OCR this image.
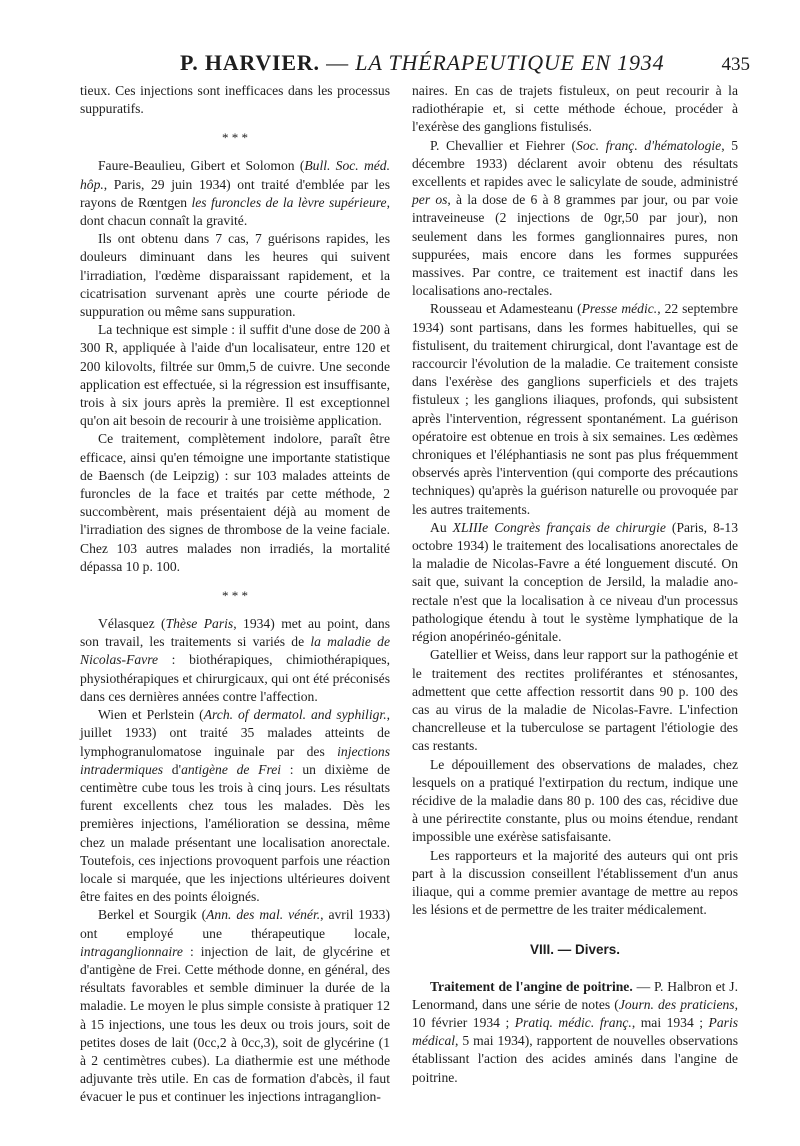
P. HARVIER. — LA THÉRAPEUTIQUE EN 1934	435

tieux. Ces injections sont inefficaces dans les processus suppuratifs.

* * *

Faure-Beaulieu, Gibert et Solomon (Bull. Soc. méd. hôp., Paris, 29 juin 1934) ont traité d'emblée par les rayons de Rœntgen les furoncles de la lèvre supérieure, dont chacun connaît la gravité.

Ils ont obtenu dans 7 cas, 7 guérisons rapides, les douleurs diminuant dans les heures qui suivent l'irradiation, l'œdème disparaissant rapidement, et la cicatrisation survenant après une courte période de suppuration ou même sans suppuration.

La technique est simple : il suffit d'une dose de 200 à 300 R, appliquée à l'aide d'un localisateur, entre 120 et 200 kilovolts, filtrée sur 0mm,5 de cuivre. Une seconde application est effectuée, si la régression est insuffisante, trois à six jours après la première. Il est exceptionnel qu'on ait besoin de recourir à une troisième application.

Ce traitement, complètement indolore, paraît être efficace, ainsi qu'en témoigne une importante statistique de Baensch (de Leipzig) : sur 103 malades atteints de furoncles de la face et traités par cette méthode, 2 succombèrent, mais présentaient déjà au moment de l'irradiation des signes de thrombose de la veine faciale. Chez 103 autres malades non irradiés, la mortalité dépassa 10 p. 100.

* * *

Vélasquez (Thèse Paris, 1934) met au point, dans son travail, les traitements si variés de la maladie de Nicolas-Favre : biothérapiques, chimiothérapiques, physiothérapiques et chirurgicaux, qui ont été préconisés dans ces dernières années contre l'affection.

Wien et Perlstein (Arch. of dermatol. and syphiligr., juillet 1933) ont traité 35 malades atteints de lymphogranulomatose inguinale par des injections intradermiques d'antigène de Frei : un dixième de centimètre cube tous les trois à cinq jours. Les résultats furent excellents chez tous les malades. Dès les premières injections, l'amélioration se dessina, même chez un malade présentant une localisation anorectale. Toutefois, ces injections provoquent parfois une réaction locale si marquée, que les injections ultérieures doivent être faites en des points éloignés.

Berkel et Sourgik (Ann. des mal. vénér., avril 1933) ont employé une thérapeutique locale, intraganglionnaire : injection de lait, de glycérine et d'antigène de Frei. Cette méthode donne, en général, des résultats favorables et semble diminuer la durée de la maladie. Le moyen le plus simple consiste à pratiquer 12 à 15 injections, une tous les deux ou trois jours, soit de petites doses de lait (0cc,2 à 0cc,3), soit de glycérine (1 à 2 centimètres cubes). La diathermie est une méthode adjuvante très utile. En cas de formation d'abcès, il faut évacuer le pus et continuer les injections intraganglion-

naires. En cas de trajets fistuleux, on peut recourir à la radiothérapie et, si cette méthode échoue, procéder à l'exérèse des ganglions fistulisés.

P. Chevallier et Fiehrer (Soc. franç. d'hématologie, 5 décembre 1933) déclarent avoir obtenu des résultats excellents et rapides avec le salicylate de soude, administré per os, à la dose de 6 à 8 grammes par jour, ou par voie intraveineuse (2 injections de 0gr,50 par jour), non seulement dans les formes ganglionnaires pures, non suppurées, mais encore dans les formes suppurées massives. Par contre, ce traitement est inactif dans les localisations ano-rectales.

Rousseau et Adamesteanu (Presse médic., 22 septembre 1934) sont partisans, dans les formes habituelles, qui se fistulisent, du traitement chirurgical, dont l'avantage est de raccourcir l'évolution de la maladie. Ce traitement consiste dans l'exérèse des ganglions superficiels et des trajets fistuleux ; les ganglions iliaques, profonds, qui subsistent après l'intervention, régressent spontanément. La guérison opératoire est obtenue en trois à six semaines. Les œdèmes chroniques et l'éléphantiasis ne sont pas plus fréquemment observés après l'intervention (qui comporte des précautions techniques) qu'après la guérison naturelle ou provoquée par les autres traitements.

Au XLIIIe Congrès français de chirurgie (Paris, 8-13 octobre 1934) le traitement des localisations anorectales de la maladie de Nicolas-Favre a été longuement discuté. On sait que, suivant la conception de Jersild, la maladie ano-rectale n'est que la localisation à ce niveau d'un processus pathologique étendu à tout le système lymphatique de la région anopérinéo-génitale.

Gatellier et Weiss, dans leur rapport sur la pathogénie et le traitement des rectites proliférantes et sténosantes, admettent que cette affection ressortit dans 90 p. 100 des cas au virus de la maladie de Nicolas-Favre. L'infection chancrelleuse et la tuberculose se partagent l'étiologie des cas restants.

Le dépouillement des observations de malades, chez lesquels on a pratiqué l'extirpation du rectum, indique une récidive de la maladie dans 80 p. 100 des cas, récidive due à une périrectite constante, plus ou moins étendue, rendant impossible une exérèse satisfaisante.

Les rapporteurs et la majorité des auteurs qui ont pris part à la discussion conseillent l'établissement d'un anus iliaque, qui a comme premier avantage de mettre au repos les lésions et de permettre de les traiter médicalement.

VIII. — Divers.

Traitement de l'angine de poitrine. — P. Halbron et J. Lenormand, dans une série de notes (Journ. des praticiens, 10 février 1934 ; Pratiq. médic. franç., mai 1934 ; Paris médical, 5 mai 1934), rapportent de nouvelles observations établissant l'action des acides aminés dans l'angine de poitrine.
